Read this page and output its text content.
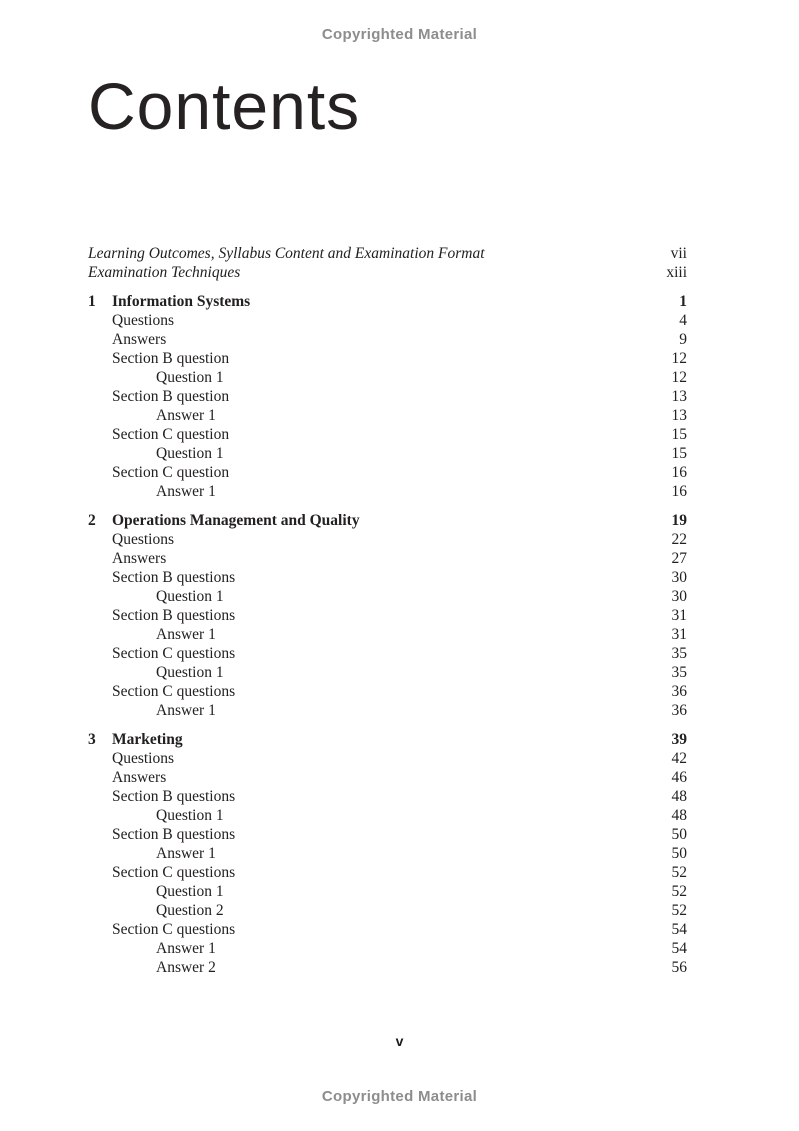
Copyrighted Material
Contents
Learning Outcomes, Syllabus Content and Examination Format	vii
Examination Techniques	xiii
1	Information Systems	1
Questions	4
Answers	9
Section B question	12
Question 1	12
Section B question	13
Answer 1	13
Section C question	15
Question 1	15
Section C question	16
Answer 1	16
2	Operations Management and Quality	19
Questions	22
Answers	27
Section B questions	30
Question 1	30
Section B questions	31
Answer 1	31
Section C questions	35
Question 1	35
Section C questions	36
Answer 1	36
3	Marketing	39
Questions	42
Answers	46
Section B questions	48
Question 1	48
Section B questions	50
Answer 1	50
Section C questions	52
Question 1	52
Question 2	52
Section C questions	54
Answer 1	54
Answer 2	56
v
Copyrighted Material
